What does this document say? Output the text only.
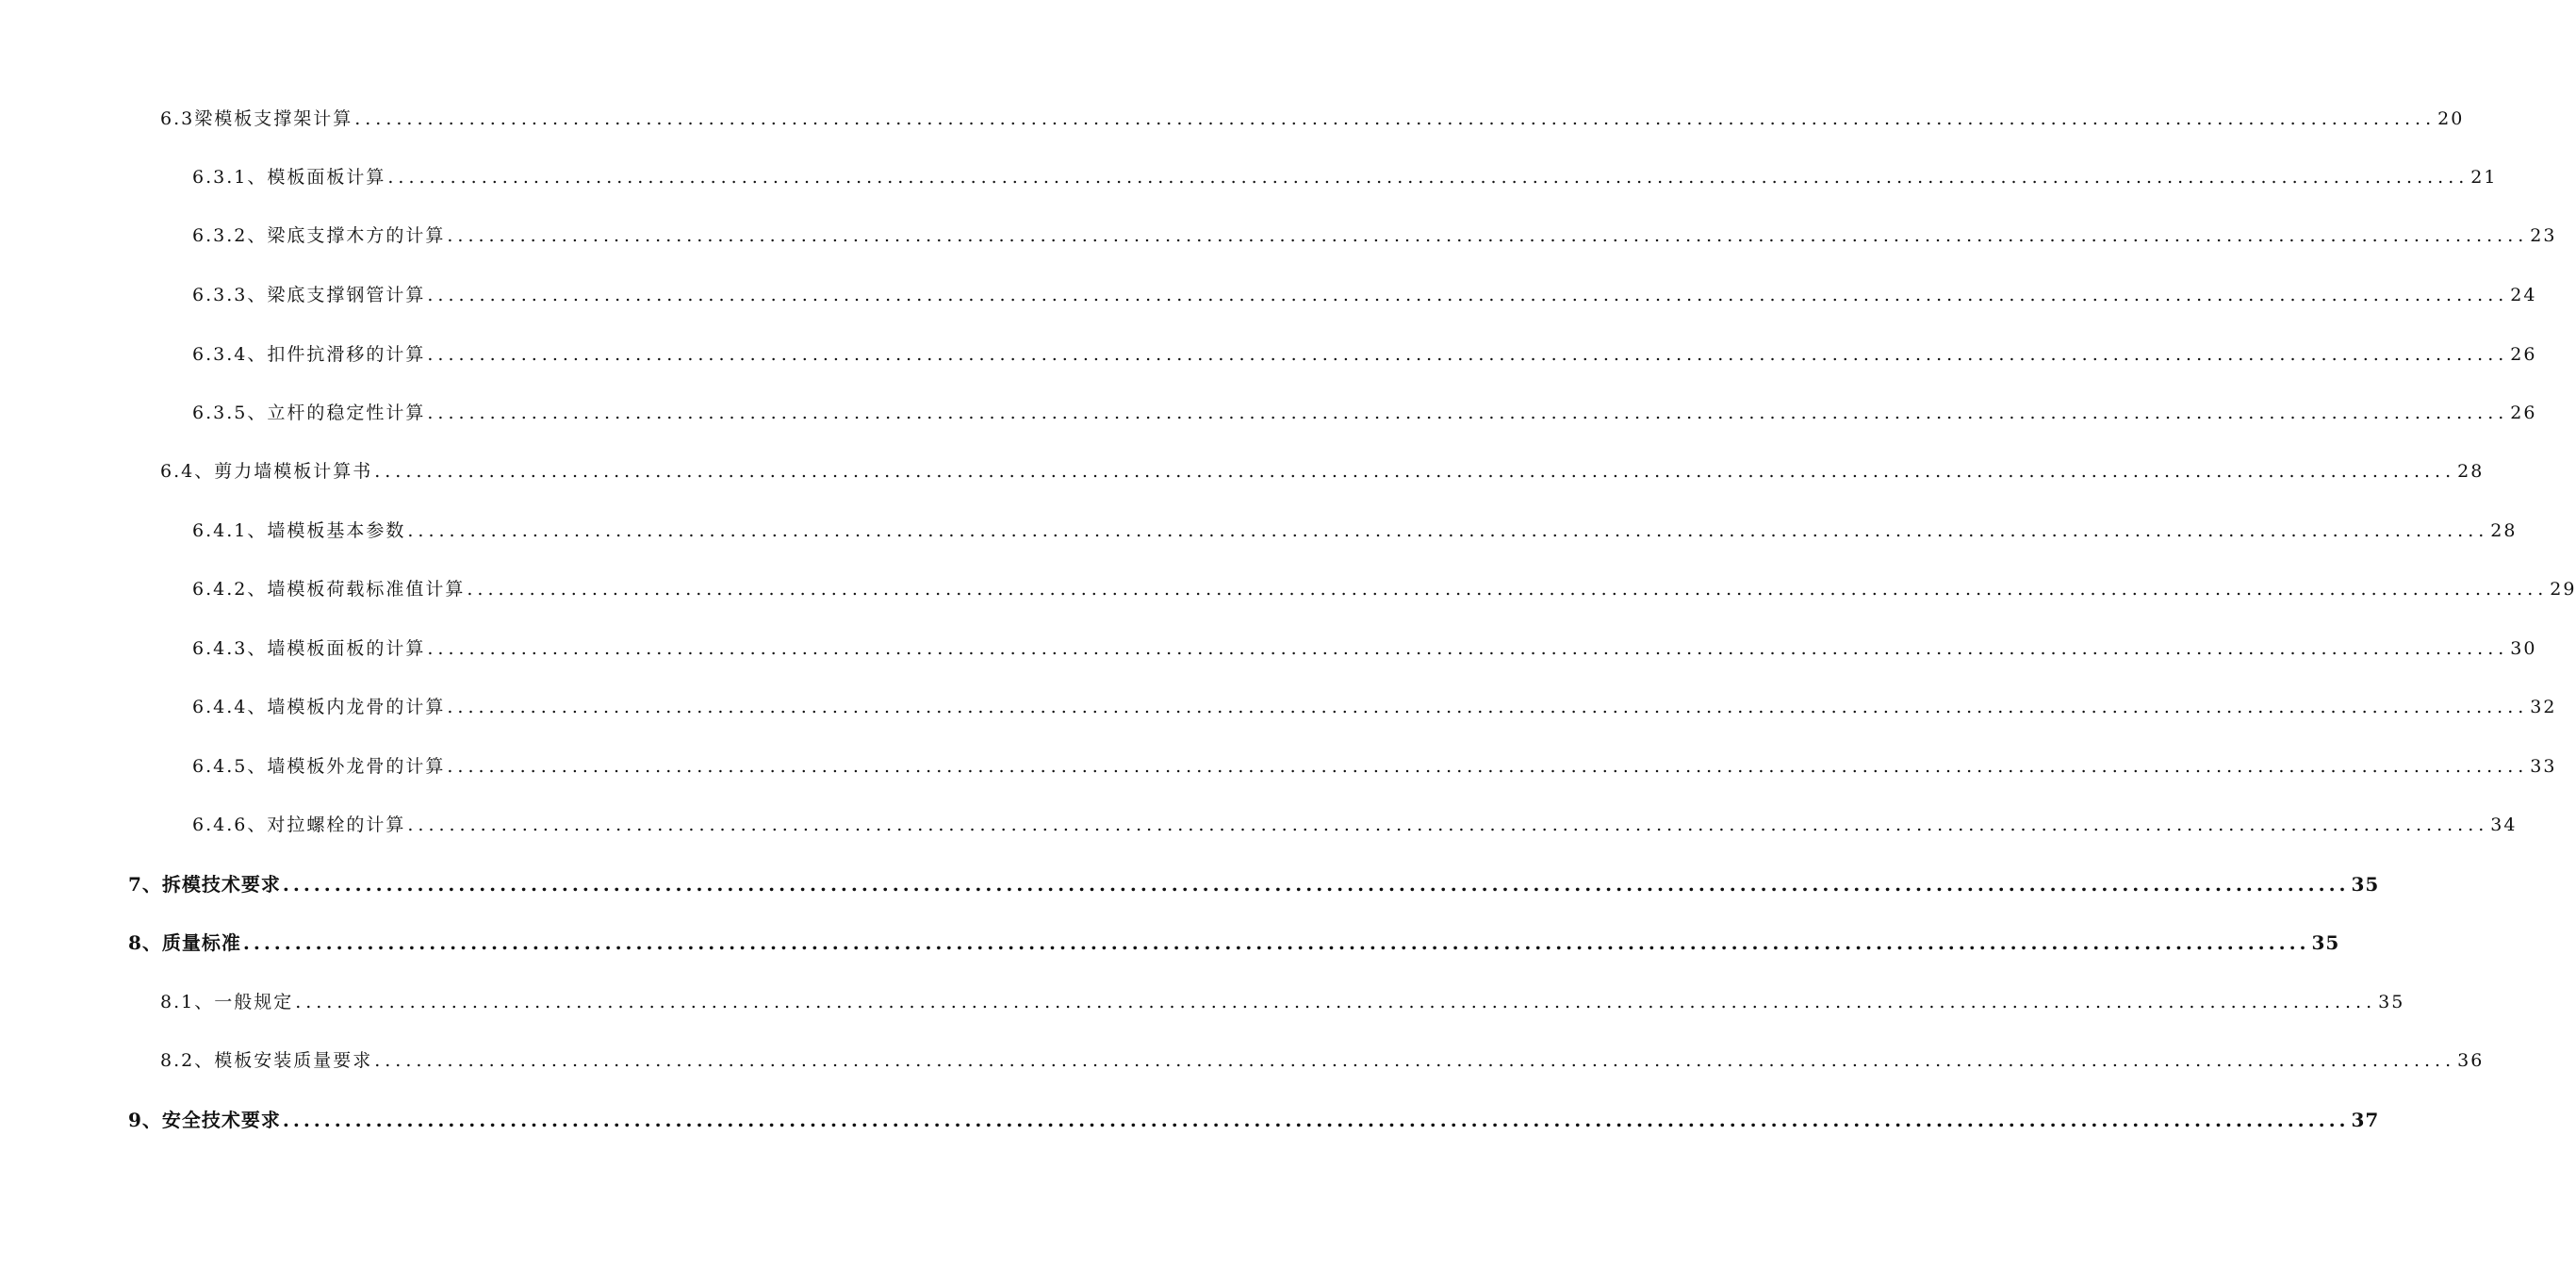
6.3梁模板支撑架计算 ........................................................................................................................................................................................................ 20
6.3.1、模板面板计算 ........................................................................................................................................................................................................ 21
6.3.2、梁底支撑木方的计算 ........................................................................................................................................................................................................ 23
6.3.3、梁底支撑钢管计算 ........................................................................................................................................................................................................ 24
6.3.4、扣件抗滑移的计算 ........................................................................................................................................................................................................ 26
6.3.5、立杆的稳定性计算 ........................................................................................................................................................................................................ 26
6.4、剪力墙模板计算书 ........................................................................................................................................................................................................ 28
6.4.1、墙模板基本参数 ........................................................................................................................................................................................................ 28
6.4.2、墙模板荷载标准值计算 ........................................................................................................................................................................................................ 29
6.4.3、墙模板面板的计算 ........................................................................................................................................................................................................ 30
6.4.4、墙模板内龙骨的计算 ........................................................................................................................................................................................................ 32
6.4.5、墙模板外龙骨的计算 ........................................................................................................................................................................................................ 33
6.4.6、对拉螺栓的计算 ........................................................................................................................................................................................................ 34
7、拆模技术要求 ........................................................................................................................................................................................................ 35
8、质量标准 ........................................................................................................................................................................................................ 35
8.1、一般规定 ........................................................................................................................................................................................................ 35
8.2、模板安装质量要求 ........................................................................................................................................................................................................ 36
9、安全技术要求 ........................................................................................................................................................................................................ 37
